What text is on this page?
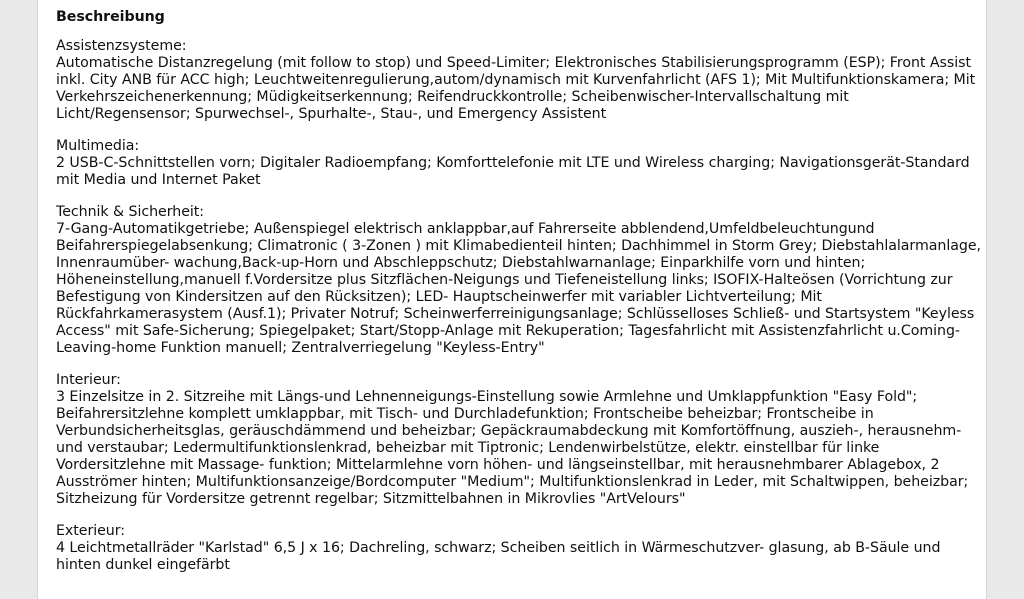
Beschreibung
Assistenzsysteme:
Automatische Distanzregelung (mit follow to stop) und Speed-Limiter; Elektronisches Stabilisierungsprogramm (ESP); Front Assist inkl. City ANB für ACC high; Leuchtweitenregulierung,autom/dynamisch mit Kurvenfahrlicht (AFS 1); Mit Multifunktionskamera; Mit Verkehrszeichenerkennung; Müdigkeitserkennung; Reifendruckkontrolle; Scheibenwischer-Intervallschaltung mit Licht/Regensensor; Spurwechsel-, Spurhalte-, Stau-, und Emergency Assistent
Multimedia:
2 USB-C-Schnittstellen vorn; Digitaler Radioempfang; Komforttelefonie mit LTE und Wireless charging; Navigationsgerät-Standard mit Media und Internet Paket
Technik & Sicherheit:
7-Gang-Automatikgetriebe; Außenspiegel elektrisch anklappbar,auf Fahrerseite abblendend,Umfeldbeleuchtungund Beifahrerspiegelabsenkung; Climatronic ( 3-Zonen ) mit Klimabedienteil hinten; Dachhimmel in Storm Grey; Diebstahlalarmanlage, Innenraumüber- wachung,Back-up-Horn und Abschleppschutz; Diebstahlwarnanlage; Einparkhilfe vorn und hinten; Höheneinstellung,manuell f.Vordersitze plus Sitzflächen-Neigungs und Tiefeneistellung links; ISOFIX-Halteösen (Vorrichtung zur Befestigung von Kindersitzen auf den Rücksitzen); LED- Hauptscheinwerfer mit variabler Lichtverteilung; Mit Rückfahrkamerasystem (Ausf.1); Privater Notruf; Scheinwerferreinigungsanlage; Schlüsselloses Schließ- und Startsystem "Keyless Access" mit Safe-Sicherung; Spiegelpaket; Start/Stopp-Anlage mit Rekuperation; Tagesfahrlicht mit Assistenzfahrlicht u.Coming- Leaving-home Funktion manuell; Zentralverriegelung "Keyless-Entry"
Interieur:
3 Einzelsitze in 2. Sitzreihe mit Längs-und Lehnenneigungs-Einstellung sowie Armlehne und Umklappfunktion "Easy Fold"; Beifahrersitzlehne komplett umklappbar, mit Tisch- und Durchladefunktion; Frontscheibe beheizbar; Frontscheibe in Verbundsicherheitsglas, geräuschdämmend und beheizbar; Gepäckraumabdeckung mit Komfortöffnung, auszieh-, herausnehm- und verstaubar; Ledermultifunktionslenkrad, beheizbar mit Tiptronic; Lendenwirbelstütze, elektr. einstellbar für linke Vordersitzlehne mit Massage- funktion; Mittelarmlehne vorn höhen- und längseinstellbar, mit herausnehmbarer Ablagebox, 2 Ausströmer hinten; Multifunktionsanzeige/Bordcomputer "Medium"; Multifunktionslenkrad in Leder, mit Schaltwippen, beheizbar; Sitzheizung für Vordersitze getrennt regelbar; Sitzmittelbahnen in Mikrovlies "ArtVelours"
Exterieur:
4 Leichtmetallräder "Karlstad" 6,5 J x 16; Dachreling, schwarz; Scheiben seitlich in Wärmeschutzver- glasung, ab B-Säule und hinten dunkel eingefärbt
